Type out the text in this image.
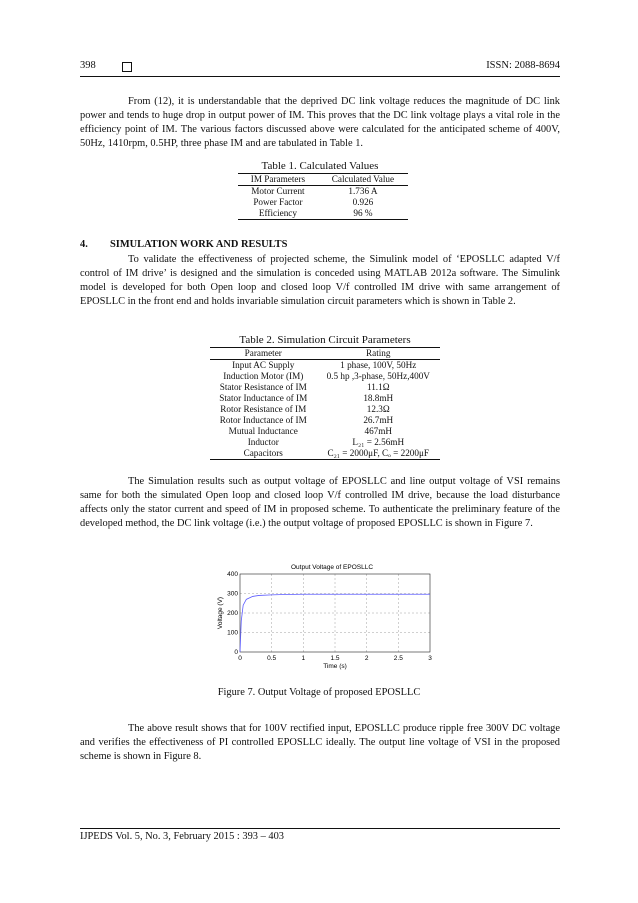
398	ISSN: 2088-8694

From (12), it is understandable that the deprived DC link voltage reduces the magnitude of DC link power and tends to huge drop in output power of IM. This proves that the DC link voltage plays a vital role in the efficiency point of IM. The various factors discussed above were calculated for the anticipated scheme of 400V, 50Hz, 1410rpm, 0.5HP, three phase IM and are tabulated in Table 1.

Table 1. Calculated Values
IM Parameters	Calculated Value
Motor Current	1.736 A
Power Factor	0.926
Efficiency	96 %
4. SIMULATION WORK AND RESULTS

To validate the effectiveness of projected scheme, the Simulink model of ‘EPOSLLC adapted V/f control of IM drive’ is designed and the simulation is conceded using MATLAB 2012a software. The Simulink model is developed for both Open loop and closed loop V/f controlled IM drive with same arrangement of EPOSLLC in the front end and holds invariable simulation circuit parameters which is shown in Table 2.

Table 2. Simulation Circuit Parameters
Parameter	Rating
Input AC Supply	1 phase, 100V, 50Hz
Induction Motor (IM)	0.5 hp ,3-phase, 50Hz,400V
Stator Resistance of IM	11.1Ω
Stator Inductance of IM	18.8mH
Rotor Resistance of IM	12.3Ω
Rotor Inductance of IM	26.7mH
Mutual Inductance	467mH
Inductor	L₂₁ = 2.56mH
Capacitors	C₂₁ = 2000μF, Cₒ = 2200μF

The Simulation results such as output voltage of EPOSLLC and line output voltage of VSI remains same for both the simulated Open loop and closed loop V/f controlled IM drive, because the load disturbance affects only the stator current and speed of IM in proposed scheme. To authenticate the preliminary feature of the developed method, the DC link voltage (i.e.) the output voltage of proposed EPOSLLC is shown in Figure 7.

Output Voltage of EPOSLLC
0	0.5	1	1.5	2	2.5	3
0
100
200
300
400
Time (s)
Voltage (V)
Figure 7. Output Voltage of proposed EPOSLLC

The above result shows that for 100V rectified input, EPOSLLC produce ripple free 300V DC voltage and verifies the effectiveness of PI controlled EPOSLLC ideally. The output line voltage of VSI in the proposed scheme is shown in Figure 8.

IJPEDS Vol. 5, No. 3, February 2015 : 393 – 403
